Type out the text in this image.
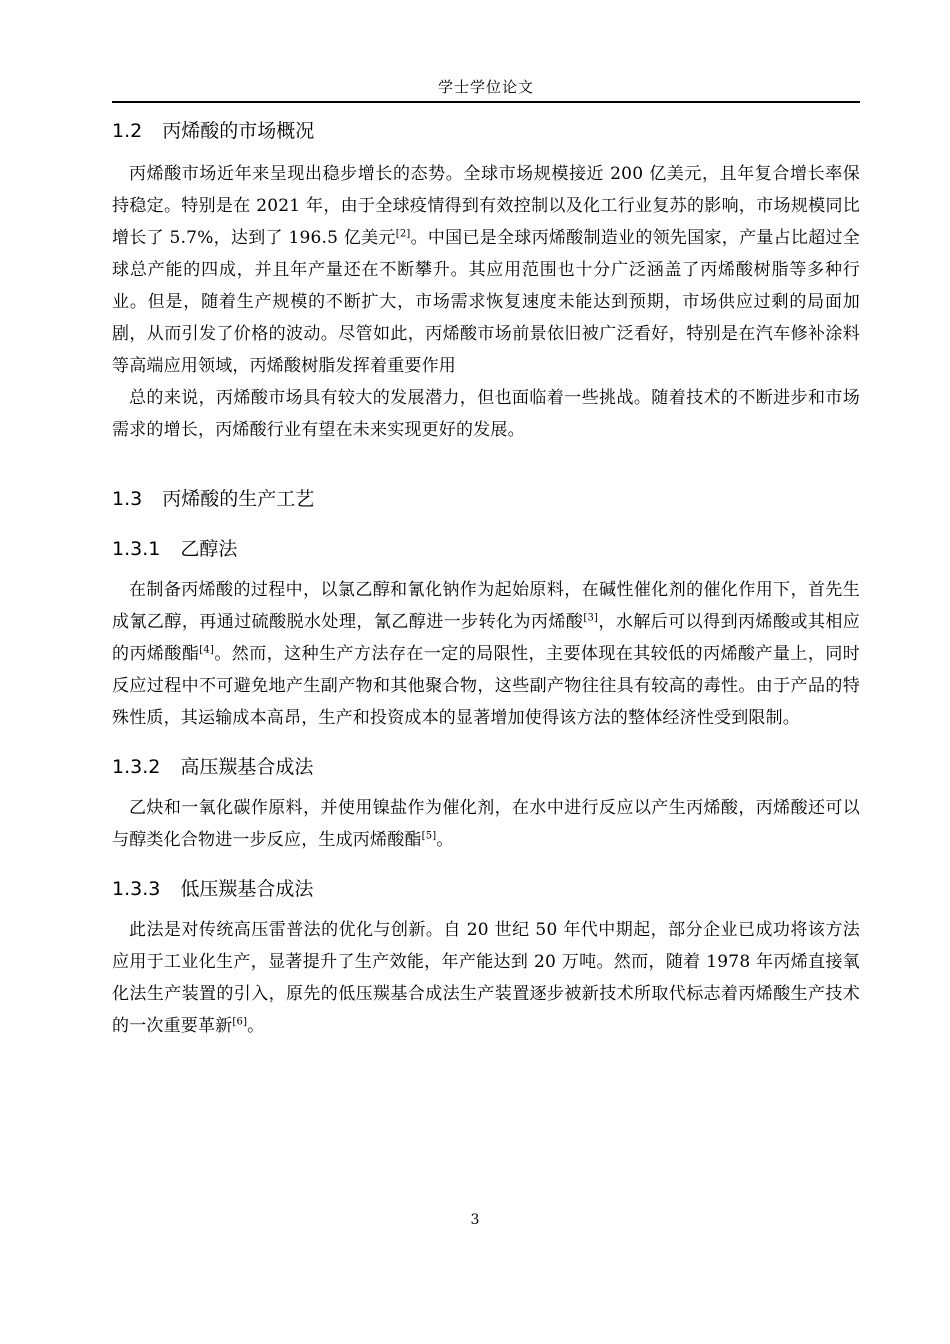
学士学位论文
1.2 丙烯酸的市场概况

丙烯酸市场近年来呈现出稳步增长的态势。全球市场规模接近 200 亿美元，且年复合增长率保持稳定。特别是在 2021 年，由于全球疫情得到有效控制以及化工行业复苏的影响，市场规模同比增长了 5.7%，达到了 196.5 亿美元[2]。中国已是全球丙烯酸制造业的领先国家，产量占比超过全球总产能的四成，并且年产量还在不断攀升。其应用范围也十分广泛涵盖了丙烯酸树脂等多种行业。但是，随着生产规模的不断扩大，市场需求恢复速度未能达到预期，市场供应过剩的局面加剧，从而引发了价格的波动。尽管如此，丙烯酸市场前景依旧被广泛看好，特别是在汽车修补涂料等高端应用领域，丙烯酸树脂发挥着重要作用

总的来说，丙烯酸市场具有较大的发展潜力，但也面临着一些挑战。随着技术的不断进步和市场需求的增长，丙烯酸行业有望在未来实现更好的发展。

1.3 丙烯酸的生产工艺
1.3.1 乙醇法

在制备丙烯酸的过程中，以氯乙醇和氰化钠作为起始原料，在碱性催化剂的催化作用下，首先生成氰乙醇，再通过硫酸脱水处理，氰乙醇进一步转化为丙烯酸[3]，水解后可以得到丙烯酸或其相应的丙烯酸酯[4]。然而，这种生产方法存在一定的局限性，主要体现在其较低的丙烯酸产量上，同时反应过程中不可避免地产生副产物和其他聚合物，这些副产物往往具有较高的毒性。由于产品的特殊性质，其运输成本高昂，生产和投资成本的显著增加使得该方法的整体经济性受到限制。

1.3.2 高压羰基合成法

乙炔和一氧化碳作原料，并使用镍盐作为催化剂，在水中进行反应以产生丙烯酸，丙烯酸还可以与醇类化合物进一步反应，生成丙烯酸酯[5]。

1.3.3 低压羰基合成法

此法是对传统高压雷普法的优化与创新。自 20 世纪 50 年代中期起，部分企业已成功将该方法应用于工业化生产，显著提升了生产效能，年产能达到 20 万吨。然而，随着 1978 年丙烯直接氧化法生产装置的引入，原先的低压羰基合成法生产装置逐步被新技术所取代标志着丙烯酸生产技术的一次重要革新[6]。

3
